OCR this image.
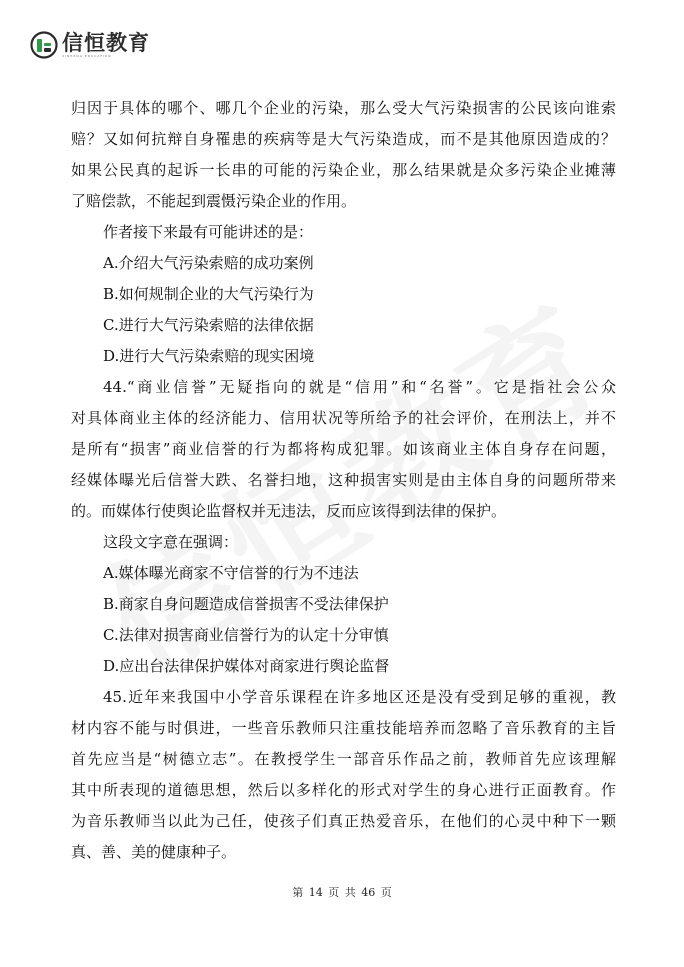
信恒教育
XINHENG EDUCATION
归因于具体的哪个、哪几个企业的污染，那么受大气污染损害的公民该向谁索
赔？又如何抗辩自身罹患的疾病等是大气污染造成，而不是其他原因造成的？
如果公民真的起诉一长串的可能的污染企业，那么结果就是众多污染企业摊薄
了赔偿款，不能起到震慑污染企业的作用。
作者接下来最有可能讲述的是：
A.介绍大气污染索赔的成功案例
B.如何规制企业的大气污染行为
C.进行大气污染索赔的法律依据
D.进行大气污染索赔的现实困境
44.“商业信誉”无疑指向的就是“信用”和“名誉”。它是指社会公众
对具体商业主体的经济能力、信用状况等所给予的社会评价，在刑法上，并不
是所有“损害”商业信誉的行为都将构成犯罪。如该商业主体自身存在问题，
经媒体曝光后信誉大跌、名誉扫地，这种损害实则是由主体自身的问题所带来
的。而媒体行使舆论监督权并无违法，反而应该得到法律的保护。
这段文字意在强调：
A.媒体曝光商家不守信誉的行为不违法
B.商家自身问题造成信誉损害不受法律保护
C.法律对损害商业信誉行为的认定十分审慎
D.应出台法律保护媒体对商家进行舆论监督
45.近年来我国中小学音乐课程在许多地区还是没有受到足够的重视，教
材内容不能与时俱进，一些音乐教师只注重技能培养而忽略了音乐教育的主旨
首先应当是“树德立志”。在教授学生一部音乐作品之前，教师首先应该理解
其中所表现的道德思想，然后以多样化的形式对学生的身心进行正面教育。作
为音乐教师当以此为己任，使孩子们真正热爱音乐，在他们的心灵中种下一颗
真、善、美的健康种子。
第 14 页 共 46 页
